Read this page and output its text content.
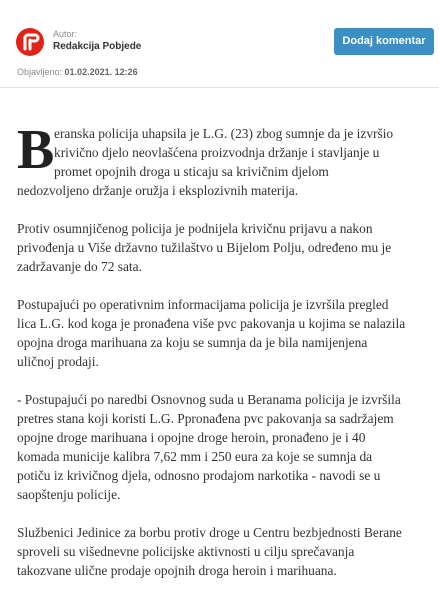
Autor:
Redakcija Pobjede	Dodaj komentar
Objavljeno: 01.02.2021. 12:26

B eranska policija uhapsila je L.G. (23) zbog sumnje da je izvršio
krivično djelo neovlašćena proizvodnja držanje i stavljanje u
promet opojnih droga u sticaju sa krivičnim djelom
nedozvoljeno držanje oružja i eksplozivnih materija.

Protiv osumnjičenog policija je podnijela krivičnu prijavu a nakon
privođenja u Više državno tužilaštvo u Bijelom Polju, određeno mu je
zadržavanje do 72 sata.

Postupajući po operativnim informacijama policija je izvršila pregled
lica L.G. kod koga je pronađena više pvc pakovanja u kojima se nalazila
opojna droga marihuana za koju se sumnja da je bila namijenjena
uličnoj prodaji.

- Postupajući po naredbi Osnovnog suda u Beranama policija je izvršila
pretres stana koji koristi L.G. Ppronađena pvc pakovanja sa sadržajem
opojne droge marihuana i opojne droge heroin, pronađeno je i 40
komada municije kalibra 7,62 mm i 250 eura za koje se sumnja da
potiču iz krivičnog djela, odnosno prodajom narkotika - navodi se u
saopštenju policije.

Službenici Jedinice za borbu protiv droge u Centru bezbjednosti Berane
sproveli su višednevne policijske aktivnosti u cilju sprečavanja
takozvane ulične prodaje opojnih droga heroin i marihuana.
